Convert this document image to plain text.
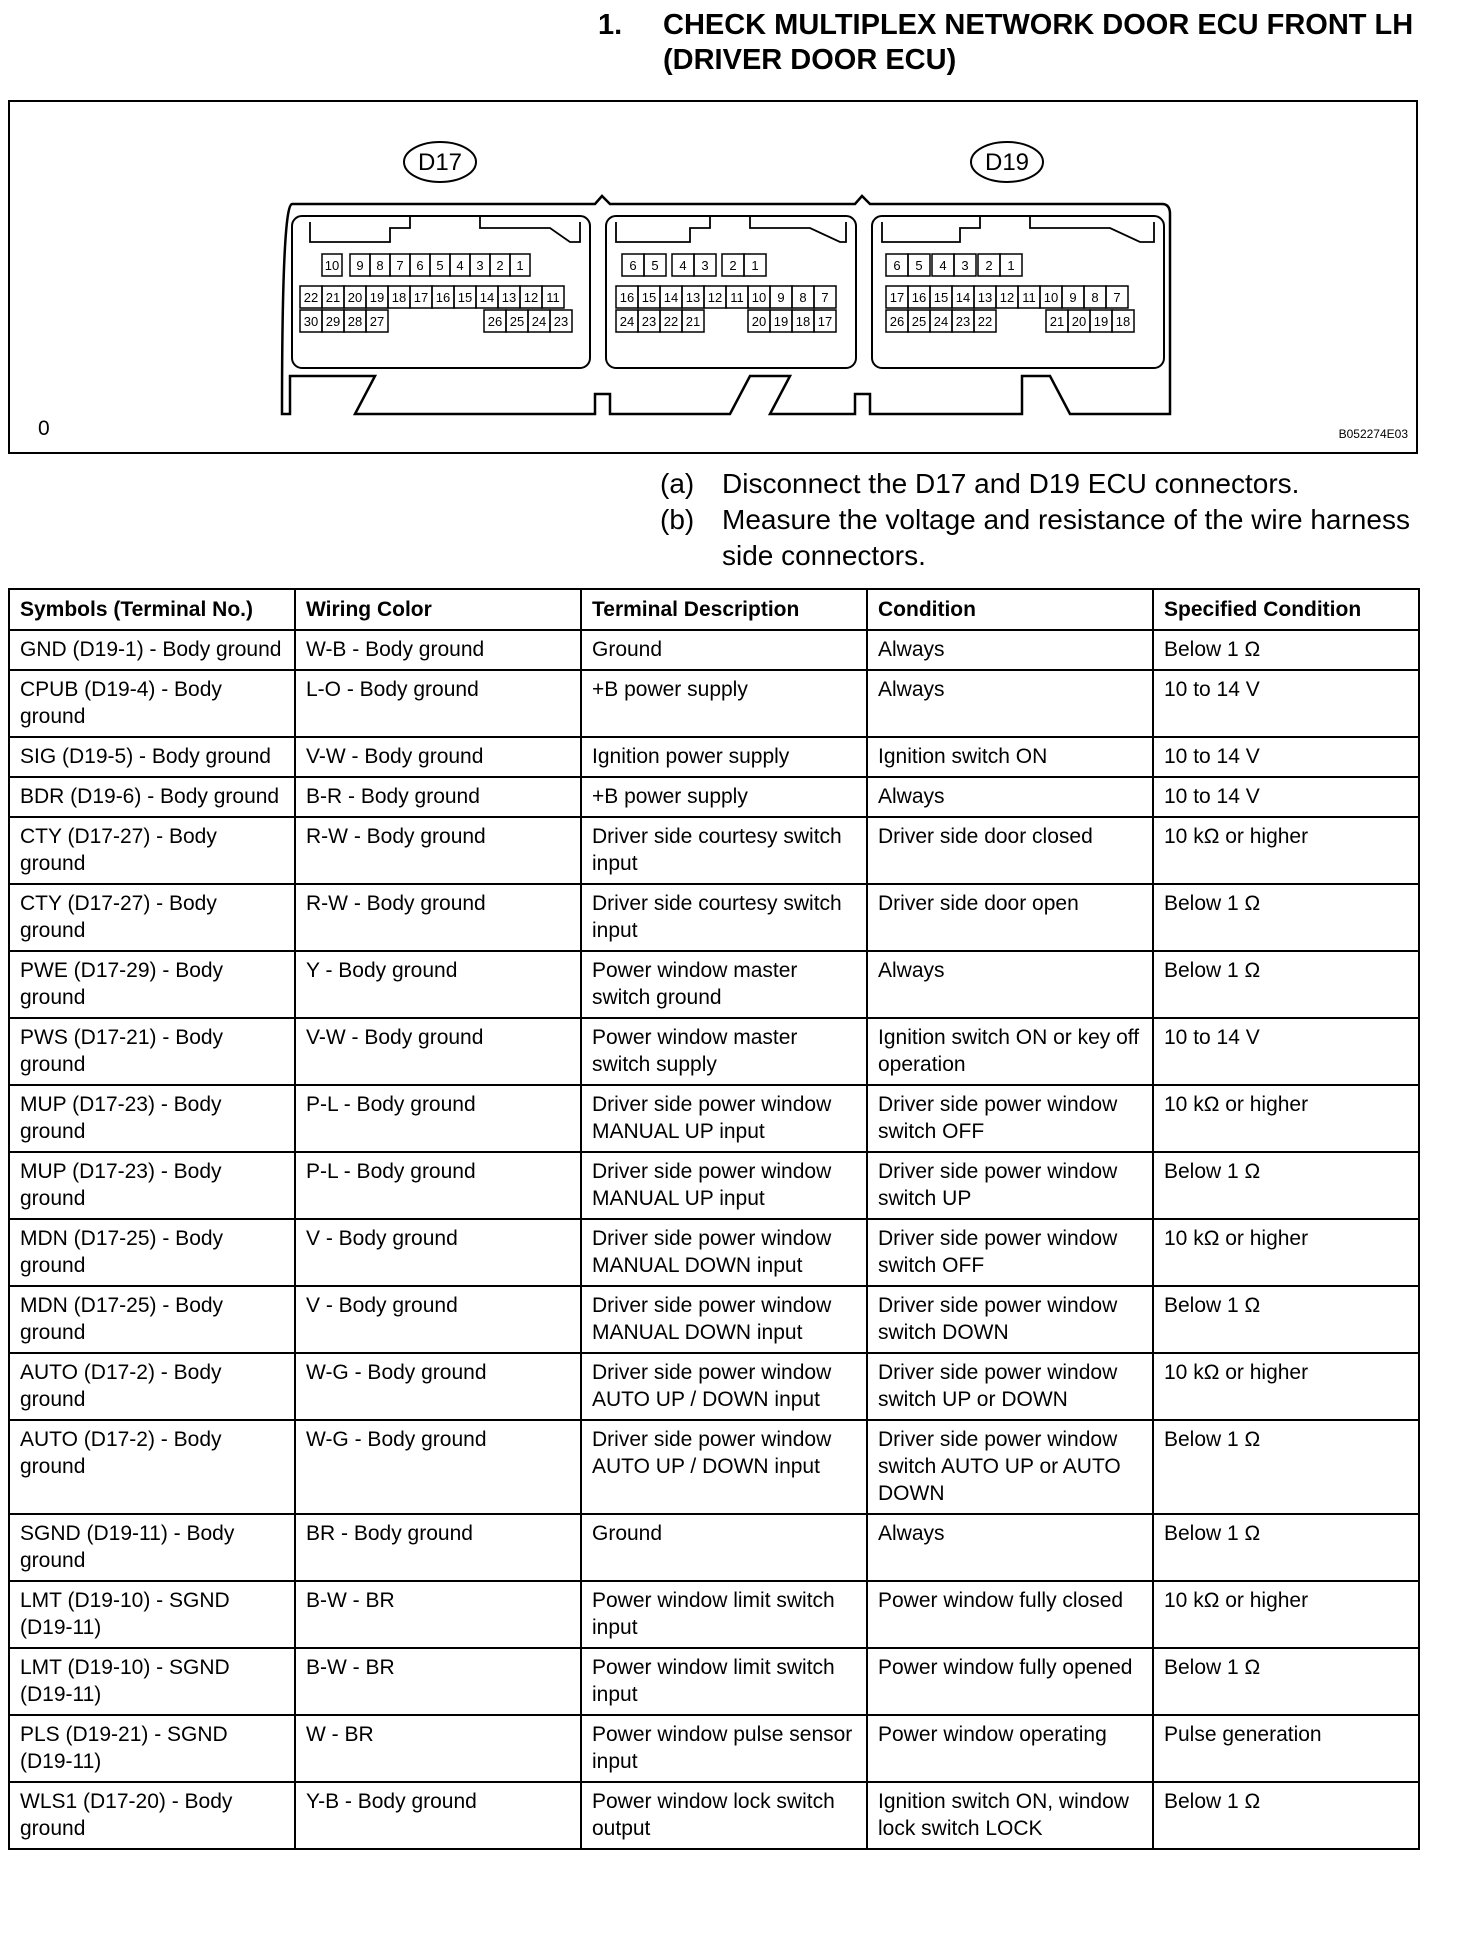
1. CHECK MULTIPLEX NETWORK DOOR ECU FRONT LH (DRIVER DOOR ECU)
D17	D19
10 9 8 7 6 5 4 3 2 1
22 21 20 19 18 17 16 15 14 13 12 11
30 29 28 27	26 25 24 23
6 5 4 3 2 1
16 15 14 13 12 11 10 9 8 7
24 23 22 21	20 19 18 17
6 5 4 3 2 1
17 16 15 14 13 12 11 10 9 8 7
26 25 24 23 22	21 20 19 18
0	B052274E03
(a) Disconnect the D17 and D19 ECU connectors.
(b) Measure the voltage and resistance of the wire harness side connectors.
Symbols (Terminal No.)	Wiring Color	Terminal Description	Condition	Specified Condition
GND (D19-1) - Body ground	W-B - Body ground	Ground	Always	Below 1 Ω
CPUB (D19-4) - Body ground	L-O - Body ground	+B power supply	Always	10 to 14 V
SIG (D19-5) - Body ground	V-W - Body ground	Ignition power supply	Ignition switch ON	10 to 14 V
BDR (D19-6) - Body ground	B-R - Body ground	+B power supply	Always	10 to 14 V
CTY (D17-27) - Body ground	R-W - Body ground	Driver side courtesy switch input	Driver side door closed	10 kΩ or higher
CTY (D17-27) - Body ground	R-W - Body ground	Driver side courtesy switch input	Driver side door open	Below 1 Ω
PWE (D17-29) - Body ground	Y - Body ground	Power window master switch ground	Always	Below 1 Ω
PWS (D17-21) - Body ground	V-W - Body ground	Power window master switch supply	Ignition switch ON or key off operation	10 to 14 V
MUP (D17-23) - Body ground	P-L - Body ground	Driver side power window MANUAL UP input	Driver side power window switch OFF	10 kΩ or higher
MUP (D17-23) - Body ground	P-L - Body ground	Driver side power window MANUAL UP input	Driver side power window switch UP	Below 1 Ω
MDN (D17-25) - Body ground	V - Body ground	Driver side power window MANUAL DOWN input	Driver side power window switch OFF	10 kΩ or higher
MDN (D17-25) - Body ground	V - Body ground	Driver side power window MANUAL DOWN input	Driver side power window switch DOWN	Below 1 Ω
AUTO (D17-2) - Body ground	W-G - Body ground	Driver side power window AUTO UP / DOWN input	Driver side power window switch UP or DOWN	10 kΩ or higher
AUTO (D17-2) - Body ground	W-G - Body ground	Driver side power window AUTO UP / DOWN input	Driver side power window switch AUTO UP or AUTO DOWN	Below 1 Ω
SGND (D19-11) - Body ground	BR - Body ground	Ground	Always	Below 1 Ω
LMT (D19-10) - SGND (D19-11)	B-W - BR	Power window limit switch input	Power window fully closed	10 kΩ or higher
LMT (D19-10) - SGND (D19-11)	B-W - BR	Power window limit switch input	Power window fully opened	Below 1 Ω
PLS (D19-21) - SGND (D19-11)	W - BR	Power window pulse sensor input	Power window operating	Pulse generation
WLS1 (D17-20) - Body ground	Y-B - Body ground	Power window lock switch output	Ignition switch ON, window lock switch LOCK	Below 1 Ω
